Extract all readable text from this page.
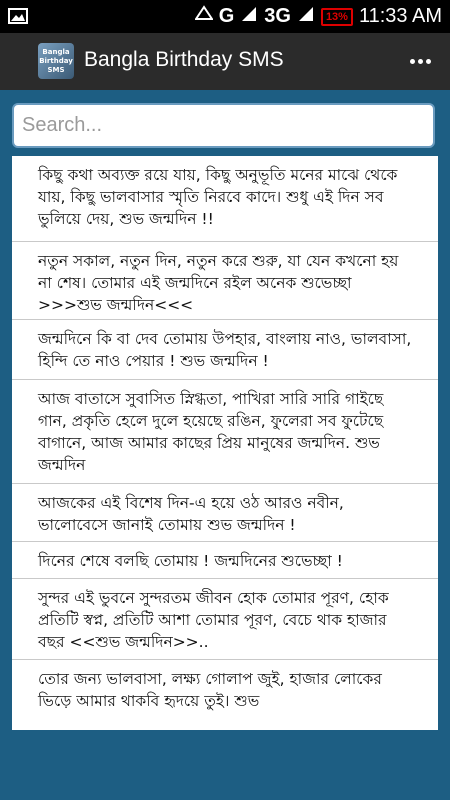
G 3G	13% 11:33 AM
Bangla
Birthday
SMS Bangla Birthday SMS
Search...

কিছু কথা অব্যক্ত রয়ে যায়, কিছু অনুভূতি মনের মাঝে থেকে যায়, কিছু ভালবাসার স্মৃতি নিরবে কাদে। শুধু এই দিন সব ভুলিয়ে দেয়, শুভ জন্মদিন !!

নতুন সকাল, নতুন দিন, নতুন করে শুরু, যা যেন কখনো হয় না শেষ। তোমার এই জন্মদিনে রইল অনেক শুভেচ্ছা >>>শুভ জন্মদিন<<<

জন্মদিনে কি বা দেব তোমায় উপহার, বাংলায় নাও, ভালবাসা, হিন্দি তে নাও পেয়ার ! শুভ জন্মদিন !

আজ বাতাসে সুবাসিত স্নিগ্ধতা, পাখিরা সারি সারি গাইছে গান, প্রকৃতি হেলে দুলে হয়েছে রঙিন, ফুলেরা সব ফুটেছে বাগানে, আজ আমার কাছের প্রিয় মানুষের জন্মদিন. শুভ জন্মদিন

আজকের এই বিশেষ দিন-এ হয়ে ওঠ আরও নবীন, ভালোবেসে জানাই তোমায় শুভ জন্মদিন !

দিনের শেষে বলছি তোমায় ! জন্মদিনের শুভেচ্ছা !

সুন্দর এই ভুবনে সুন্দরতম জীবন হোক তোমার পূরণ, হোক প্রতিটি স্বপ্ন, প্রতিটি আশা তোমার পূরণ, বেচে থাক হাজার বছর <<শুভ জন্মদিন>>..

তোর জন্য ভালবাসা, লক্ষ্য গোলাপ জুই, হাজার লোকের ভিড়ে আমার থাকবি হৃদয়ে তুই। শুভ
